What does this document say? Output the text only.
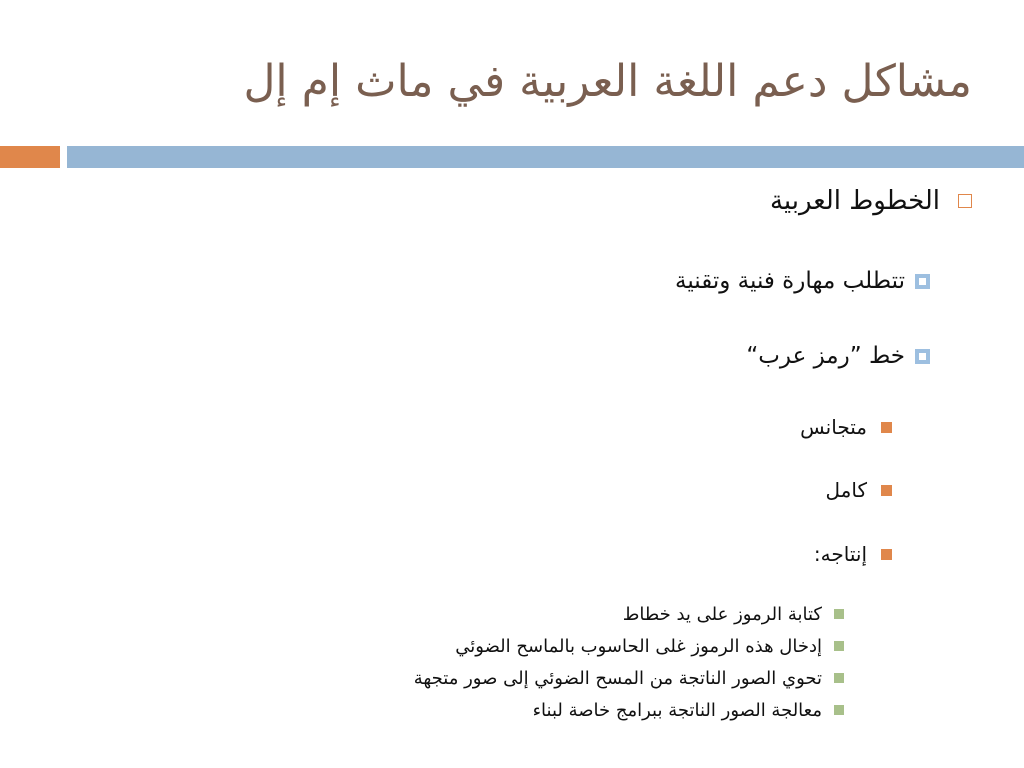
مشاكل دعم اللغة العربية في ماث إم إل
الخطوط العربية
تتطلب مهارة فنية وتقنية
خط ”رمز عرب“
متجانس
كامل
إنتاجه:
كتابة الرموز على يد خطاط
إدخال هذه الرموز غلى الحاسوب بالماسح الضوئي
تحوي الصور الناتجة من المسح الضوئي إلى صور متجهة
معالجة الصور الناتجة ببرامج خاصة لبناء
